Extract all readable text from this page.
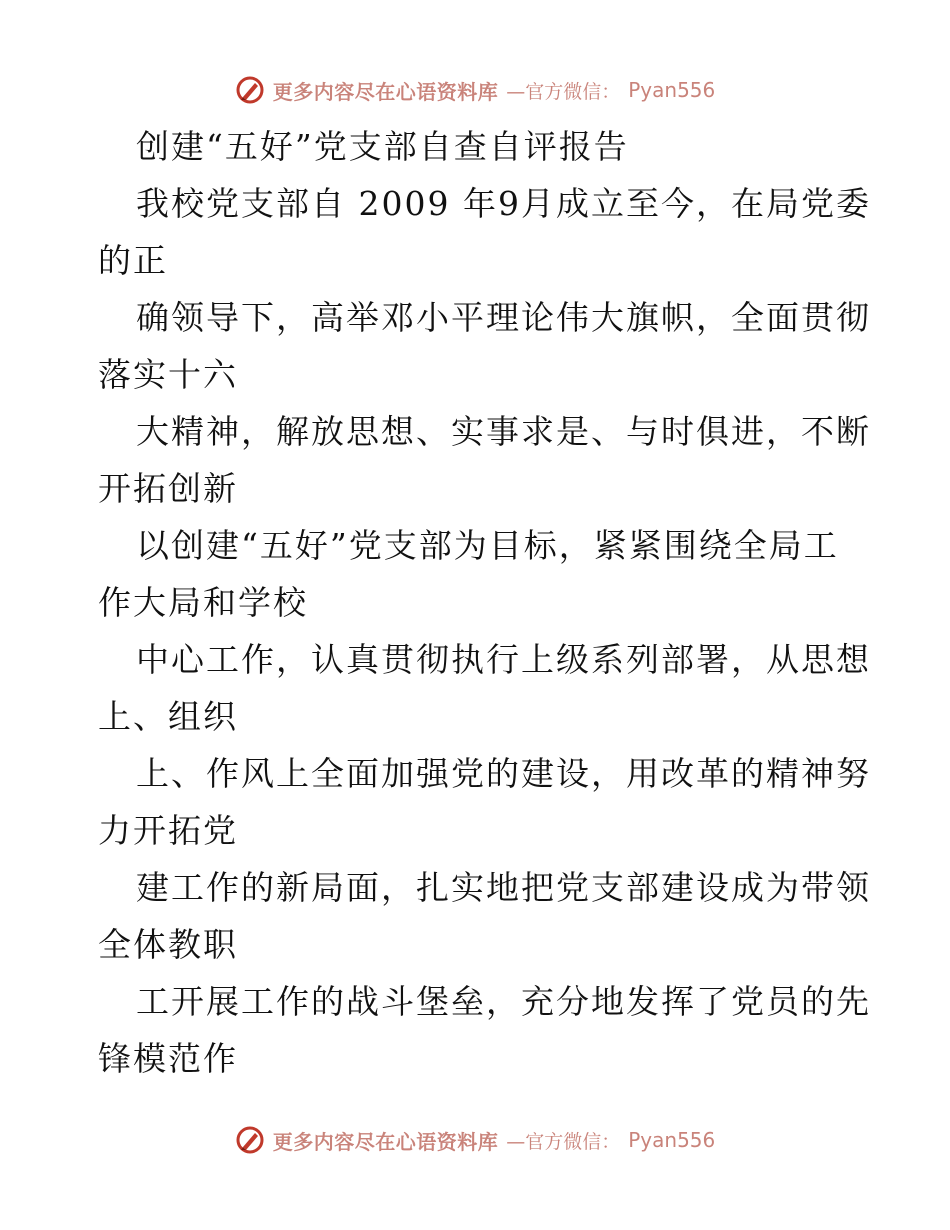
更多内容尽在心语资料库 —官方微信： Pyan556
创建“五好”党支部自查自评报告
我校党支部自 2009 年9月成立至今，在局党委
的正
确领导下，高举邓小平理论伟大旗帜，全面贯彻
落实十六
大精神，解放思想、实事求是、与时俱进，不断
开拓创新
以创建“五好”党支部为目标，紧紧围绕全局工
作大局和学校
中心工作，认真贯彻执行上级系列部署，从思想
上、组织
上、作风上全面加强党的建设，用改革的精神努
力开拓党
建工作的新局面，扎实地把党支部建设成为带领
全体教职
工开展工作的战斗堡垒，充分地发挥了党员的先
锋模范作
更多内容尽在心语资料库 —官方微信： Pyan556
